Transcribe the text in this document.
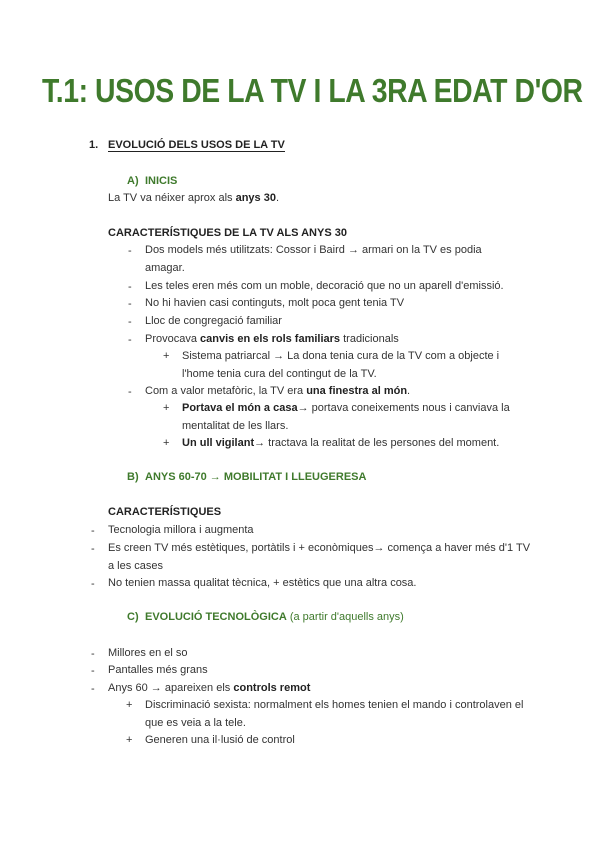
T.1: USOS DE LA TV I LA 3RA EDAT D'OR
1. EVOLUCIÓ DELS USOS DE LA TV
A) INICIS
La TV va néixer aprox als anys 30.
CARACTERÍSTIQUES DE LA TV ALS ANYS 30
- Dos models més utilitzats: Cossor i Baird → armari on la TV es podia amagar.
- Les teles eren més com un moble, decoració que no un aparell d'emissió.
- No hi havien casi continguts, molt poca gent tenia TV
- Lloc de congregació familiar
- Provocava canvis en els rols familiars tradicionals
+ Sistema patriarcal → La dona tenia cura de la TV com a objecte i l'home tenia cura del contingut de la TV.
- Com a valor metafòric, la TV era una finestra al món.
+ Portava el món a casa→ portava coneixements nous i canviava la mentalitat de les llars.
+ Un ull vigilant→ tractava la realitat de les persones del moment.
B) ANYS 60-70 → MOBILITAT I LLEUGERESA
CARACTERÍSTIQUES
- Tecnologia millora i augmenta
- Es creen TV més estètiques, portàtils i + econòmiques→ comença a haver més d'1 TV a les cases
- No tenien massa qualitat tècnica, + estètics que una altra cosa.
C) EVOLUCIÓ TECNOLÒGICA (a partir d'aquells anys)
- Millores en el so
- Pantalles més grans
- Anys 60 → apareixen els controls remot
+ Discriminació sexista: normalment els homes tenien el mando i controlaven el que es veia a la tele.
+ Generen una il·lusió de control
